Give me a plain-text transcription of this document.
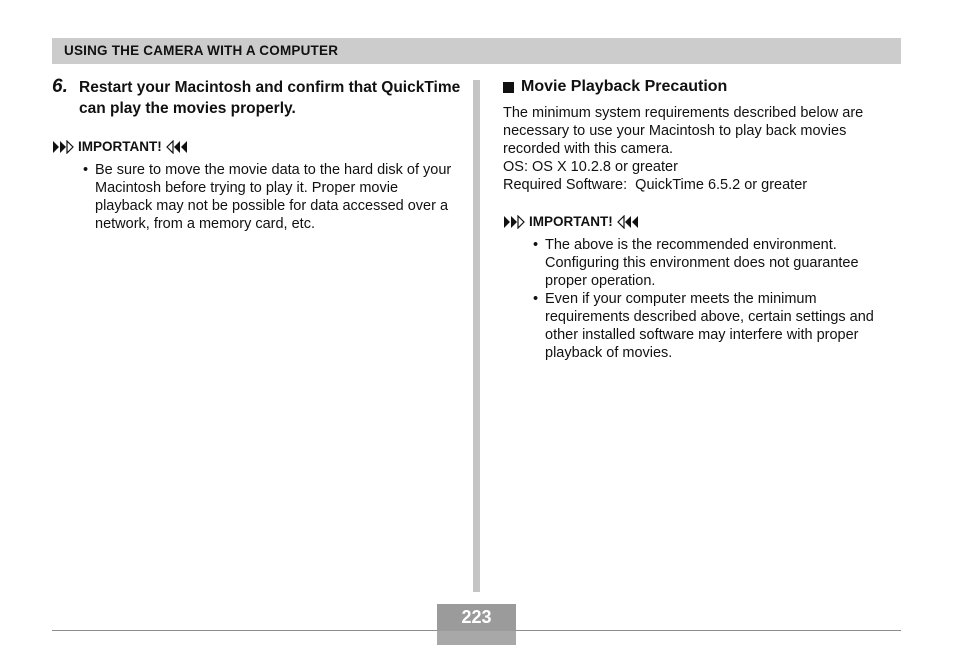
USING THE CAMERA WITH A COMPUTER
6. Restart your Macintosh and confirm that QuickTime can play the movies properly.
IMPORTANT!
• Be sure to move the movie data to the hard disk of your Macintosh before trying to play it. Proper movie playback may not be possible for data accessed over a network, from a memory card, etc.
Movie Playback Precaution
The minimum system requirements described below are necessary to use your Macintosh to play back movies recorded with this camera.
OS: OS X 10.2.8 or greater
Required Software:  QuickTime 6.5.2 or greater
IMPORTANT!
• The above is the recommended environment. Configuring this environment does not guarantee proper operation.
• Even if your computer meets the minimum requirements described above, certain settings and other installed software may interfere with proper playback of movies.
223
